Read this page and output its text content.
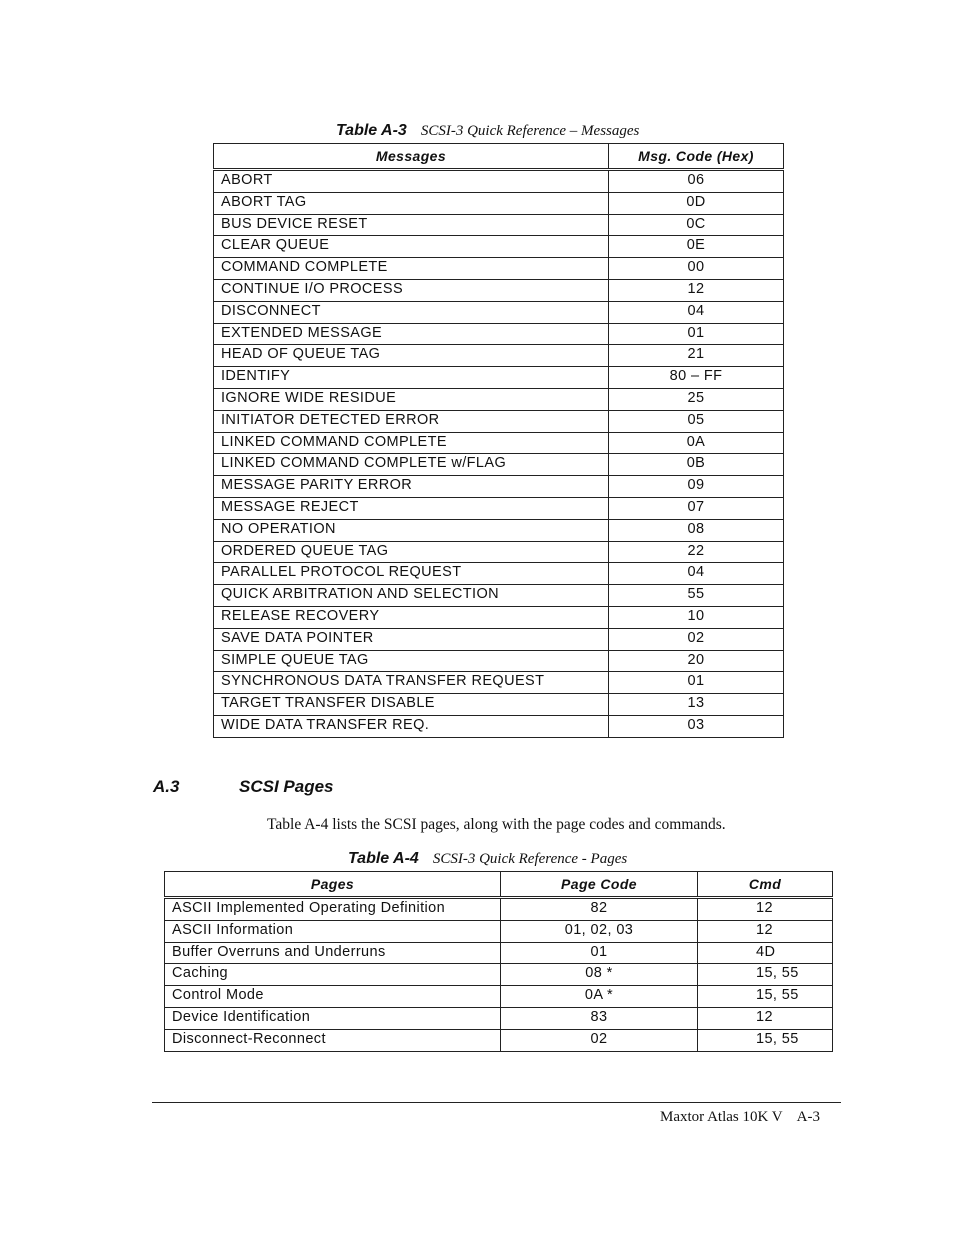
Table A-3 SCSI-3 Quick Reference – Messages
Messages	Msg. Code (Hex)
ABORT	06
ABORT TAG	0D
BUS DEVICE RESET	0C
CLEAR QUEUE	0E
COMMAND COMPLETE	00
CONTINUE I/O PROCESS	12
DISCONNECT	04
EXTENDED MESSAGE	01
HEAD OF QUEUE TAG	21
IDENTIFY	80 – FF
IGNORE WIDE RESIDUE	25
INITIATOR DETECTED ERROR	05
LINKED COMMAND COMPLETE	0A
LINKED COMMAND COMPLETE w/FLAG	0B
MESSAGE PARITY ERROR	09
MESSAGE REJECT	07
NO OPERATION	08
ORDERED QUEUE TAG	22
PARALLEL PROTOCOL REQUEST	04
QUICK ARBITRATION AND SELECTION	55
RELEASE RECOVERY	10
SAVE DATA POINTER	02
SIMPLE QUEUE TAG	20
SYNCHRONOUS DATA TRANSFER REQUEST	01
TARGET TRANSFER DISABLE	13
WIDE DATA TRANSFER REQ.	03
A.3	SCSI Pages
Table A-4 lists the SCSI pages, along with the page codes and commands.
Table A-4 SCSI-3 Quick Reference - Pages
Pages	Page Code	Cmd
ASCII Implemented Operating Definition	82	12
ASCII Information	01, 02, 03	12
Buffer Overruns and Underruns	01	4D
Caching	08 *	15, 55
Control Mode	0A *	15, 55
Device Identification	83	12
Disconnect-Reconnect	02	15, 55
Maxtor Atlas 10K V A-3
